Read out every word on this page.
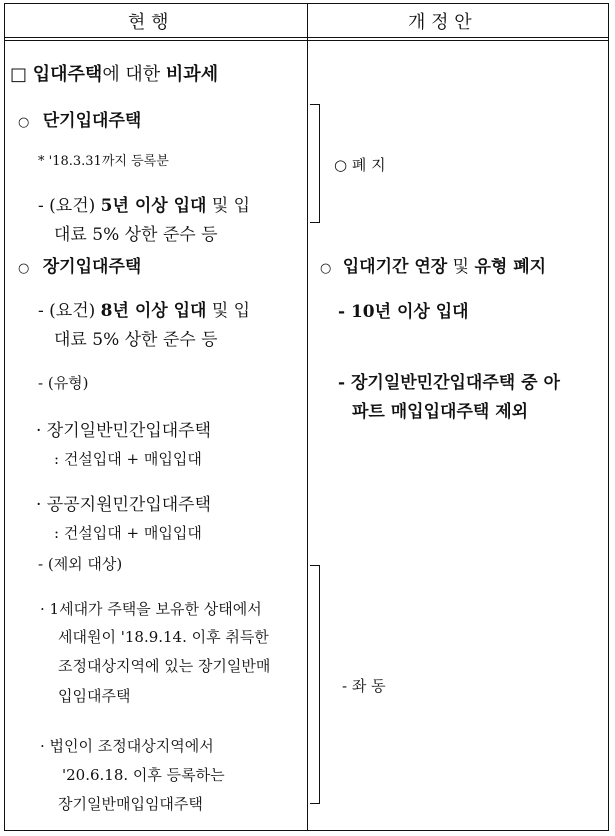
현 행	개 정 안
□ 입대주택에 대한 비과세
○ 단기입대주택
* '18.3.31까지 등록분
- (요건) 5년 이상 입대 및 입
대료 5% 상한 준수 등
○ 장기입대주택
- (요건) 8년 이상 입대 및 입
대료 5% 상한 준수 등
- (유형)
· 장기일반민간입대주택
: 건설입대 + 매입입대
· 공공지원민간입대주택
: 건설입대 + 매입입대
- (제외 대상)
· 1세대가 주택을 보유한 상태에서
세대원이 '18.9.14. 이후 취득한
조정대상지역에 있는 장기일반매
입임대주택
· 법인이 조정대상지역에서
'20.6.18. 이후 등록하는
장기일반매입임대주택
○ 폐 지
○ 입대기간 연장 및 유형 폐지
- 10년 이상 입대
- 장기일반민간입대주택 중 아
파트 매입입대주택 제외
- 좌 동
